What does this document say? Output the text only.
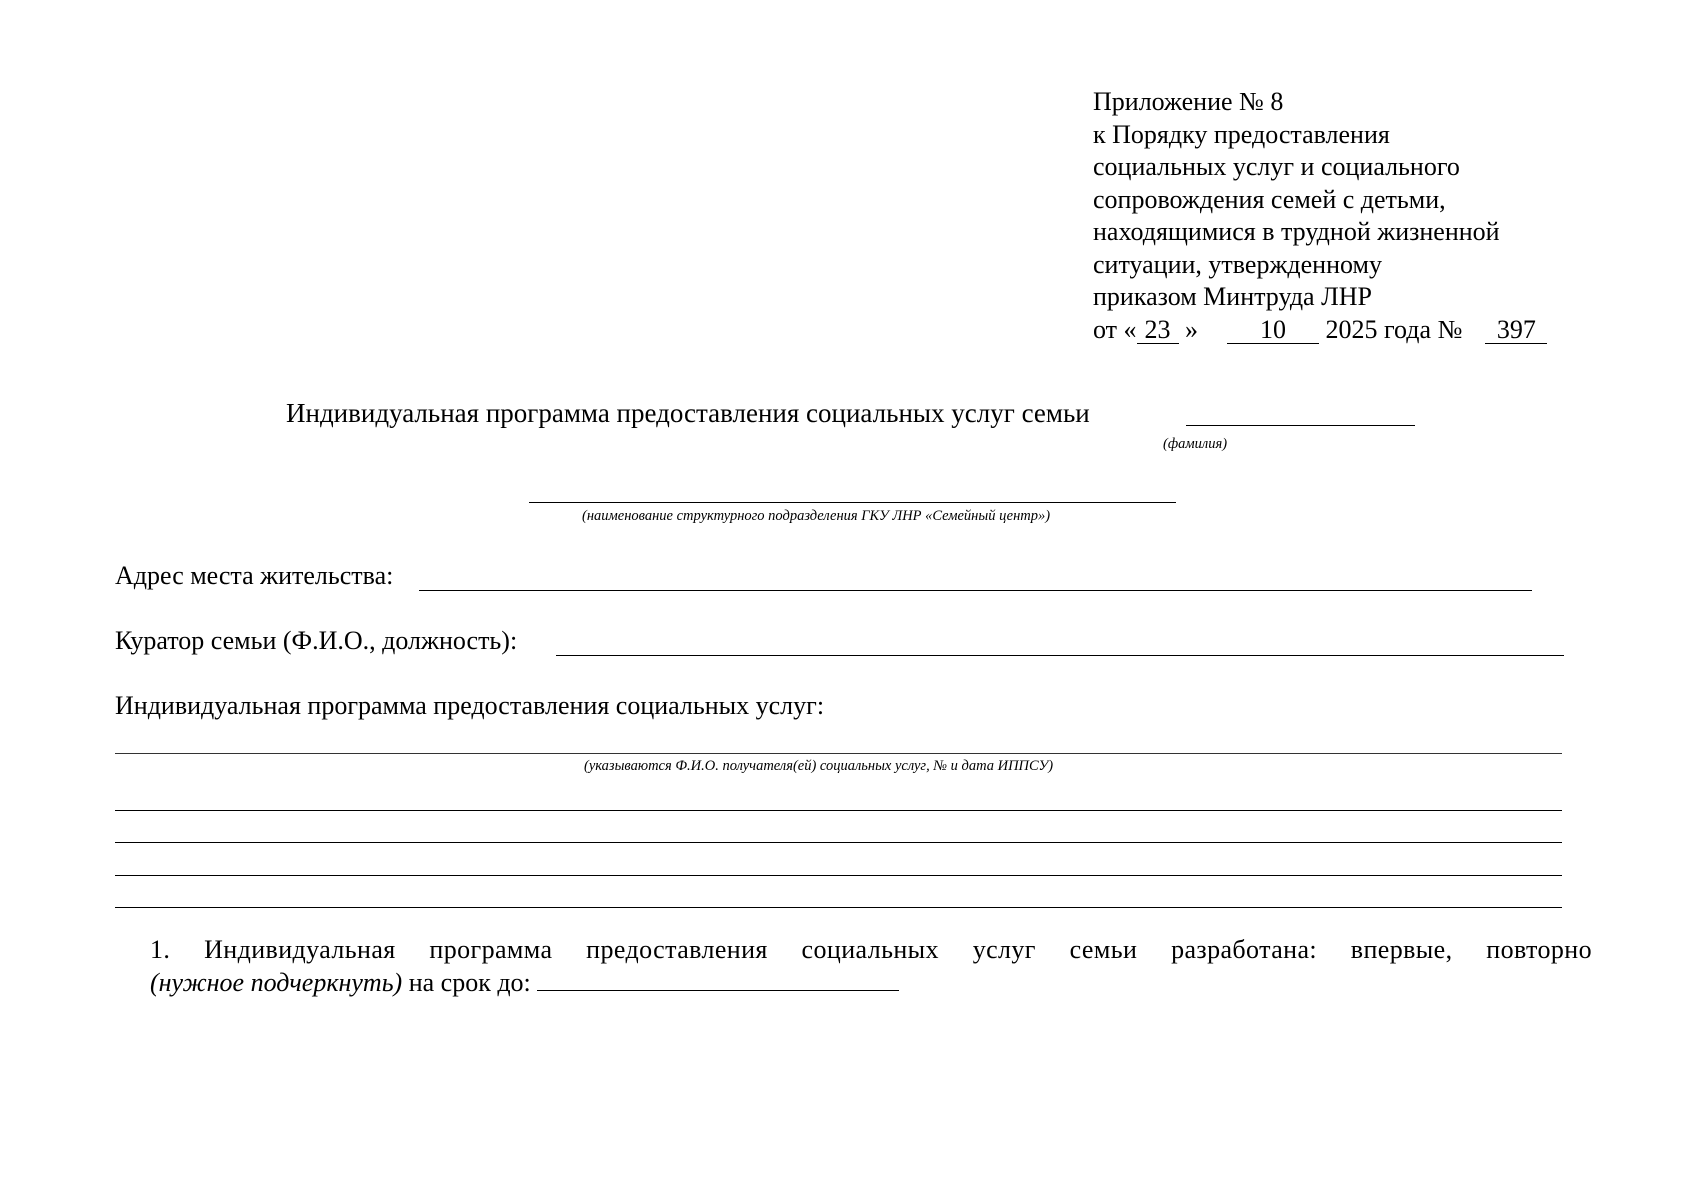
Приложение № 8
к Порядку предоставления
социальных услуг и социального
сопровождения семей с детьми,
находящимися в трудной жизненной
ситуации, утвержденному
приказом Минтруда ЛНР
от « 23 » 10 2025 года № 397
Индивидуальная программа предоставления социальных услуг семьи
(фамилия)
(наименование структурного подразделения ГКУ ЛНР «Семейный центр»)
Адрес места жительства:
Куратор семьи (Ф.И.О., должность):
Индивидуальная программа предоставления социальных услуг:
(указываются Ф.И.О. получателя(ей) социальных услуг, № и дата ИППСУ)
1. Индивидуальная программа предоставления социальных услуг семьи разработана: впервые, повторно
(нужное подчеркнуть) на срок до:
